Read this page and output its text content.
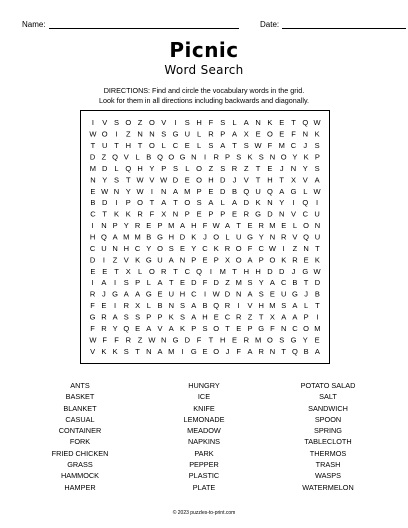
Name:	Date:
Picnic
Word Search
DIRECTIONS: Find and circle the vocabulary words in the grid.
Look for them in all directions including backwards and diagonally.
I V S O Z O V I S H F S L A N K E T Q W
W O I Z N N S G U L R P A X E O E F N K
T U T H T O L C E L S A T S W F M C J S
D Z Q V L B Q O G N I R P S K S N O Y K P
M D L Q H Y P S L O Z S R Z T E J N Y S
N Y S T W V W D E O H D J V T H T X V A
E W N Y W I N A M P E D B Q U Q A G L W
B D I P O T A T O S A L A D K N Y I Q I
C T K K R F X N P E P P E R G D N V C U
I N P Y R E P M A H F W A T E R M E L O N
H Q A M M B G H D K J O L U G Y N R V Q U
C U N H C Y O S E Y C K R O F C W I Z N T
D I Z V K G U A N P E P X O A P O K R E K
E E T X L O R T C Q I M T H H D D J G W
I A I S P L A T E D F D Z M S Y A C B T D
R J G A A G E U H C I W D N A S E U G J B
F E I R X L B N S A B Q R I V H M S A L T
G R A S S P P K S A H E C R Z T X A A P I
F R Y Q E A V A K P S O T E P G F N C O M
W F F R Z W N G D F T H E R M O S G Y E
V K K S T N A M I G E O J F A R N T Q B A
ANTS
BASKET
BLANKET
CASUAL
CONTAINER
FORK
FRIED CHICKEN
GRASS
HAMMOCK
HAMPER
HUNGRY
ICE
KNIFE
LEMONADE
MEADOW
NAPKINS
PARK
PEPPER
PLASTIC
PLATE
POTATO SALAD
SALT
SANDWICH
SPOON
SPRING
TABLECLOTH
THERMOS
TRASH
WASPS
WATERMELON
© 2023 puzzles-to-print.com
